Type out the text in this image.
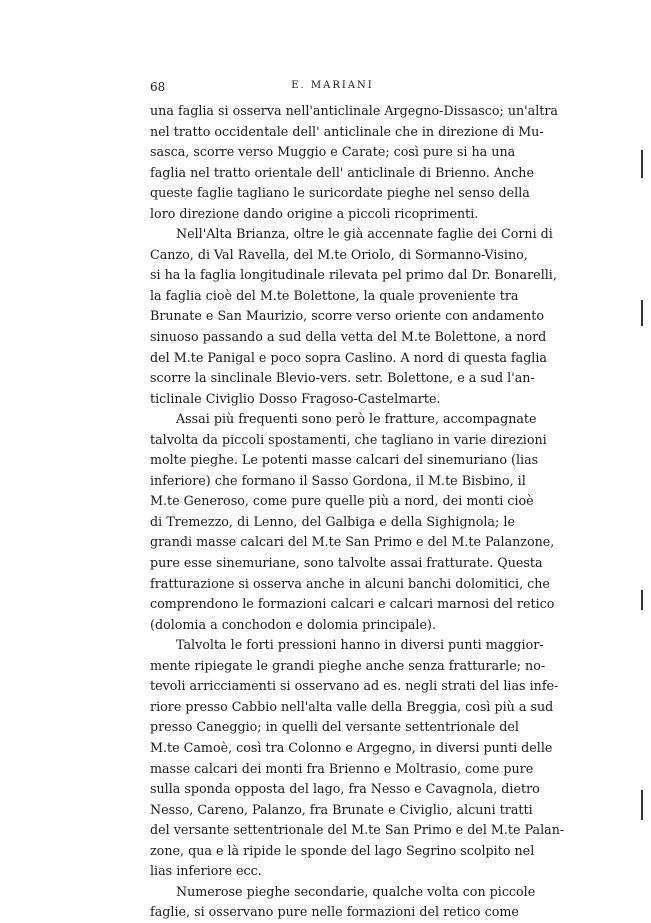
68	E. MARIANI
una faglia si osserva nell'anticlinale Argegno-Dissasco; un'altra
nel tratto occidentale dell' anticlinale che in direzione di Mu-
sasca, scorre verso Muggio e Carate; così pure si ha una
faglia nel tratto orientale dell' anticlinale di Brienno. Anche
queste faglie tagliano le suricordate pieghe nel senso della
loro direzione dando origine a piccoli ricoprimenti.
Nell'Alta Brianza, oltre le già accennate faglie dei Corni di
Canzo, di Val Ravella, del M.te Oriolo, di Sormanno-Visino,
si ha la faglia longitudinale rilevata pel primo dal Dr. Bonarelli,
la faglia cioè del M.te Bolettone, la quale proveniente tra
Brunate e San Maurizio, scorre verso oriente con andamento
sinuoso passando a sud della vetta del M.te Bolettone, a nord
del M.te Panigal e poco sopra Caslino. A nord di questa faglia
scorre la sinclinale Blevio-vers. setr. Bolettone, e a sud l'an-
ticlinale Civiglio Dosso Fragoso-Castelmarte.
Assai più frequenti sono però le fratture, accompagnate
talvolta da piccoli spostamenti, che tagliano in varie direzioni
molte pieghe. Le potenti masse calcari del sinemuriano (lias
inferiore) che formano il Sasso Gordona, il M.te Bisbino, il
M.te Generoso, come pure quelle più a nord, dei monti cioè
di Tremezzo, di Lenno, del Galbiga e della Sighignola; le
grandi masse calcari del M.te San Primo e del M.te Palanzone,
pure esse sinemuriane, sono talvolte assai fratturate. Questa
fratturazione si osserva anche in alcuni banchi dolomitici, che
comprendono le formazioni calcari e calcari marnosi del retico
(dolomia a conchodon e dolomia principale).
Talvolta le forti pressioni hanno in diversi punti maggior-
mente ripiegate le grandi pieghe anche senza fratturarle; no-
tevoli arricciamenti si osservano ad es. negli strati del lias infe-
riore presso Cabbio nell'alta valle della Breggia, così più a sud
presso Caneggio; in quelli del versante settentrionale del
M.te Camoè, così tra Colonno e Argegno, in diversi punti delle
masse calcari dei monti fra Brienno e Moltrasio, come pure
sulla sponda opposta del lago, fra Nesso e Cavagnola, dietro
Nesso, Careno, Palanzo, fra Brunate e Civiglio, alcuni tratti
del versante settentrionale del M.te San Primo e del M.te Palan-
zone, qua e là ripide le sponde del lago Segrino scolpito nel
lias inferiore ecc.
Numerose pieghe secondarie, qualche volta con piccole
faglie, si osservano pure nelle formazioni del retico come
